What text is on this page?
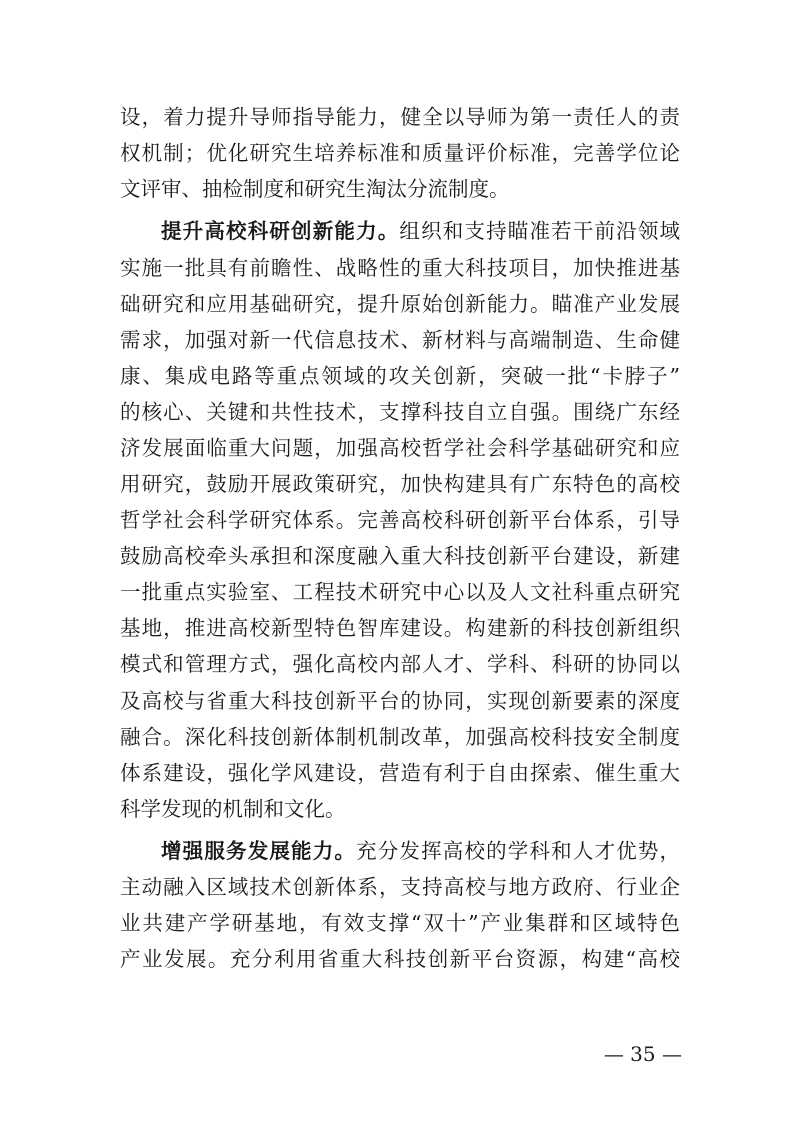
设，着力提升导师指导能力，健全以导师为第一责任人的责
权机制；优化研究生培养标准和质量评价标准，完善学位论
文评审、抽检制度和研究生淘汰分流制度。
提升高校科研创新能力。组织和支持瞄准若干前沿领域
实施一批具有前瞻性、战略性的重大科技项目，加快推进基
础研究和应用基础研究，提升原始创新能力。瞄准产业发展
需求，加强对新一代信息技术、新材料与高端制造、生命健
康、集成电路等重点领域的攻关创新，突破一批“卡脖子”
的核心、关键和共性技术，支撑科技自立自强。围绕广东经
济发展面临重大问题，加强高校哲学社会科学基础研究和应
用研究，鼓励开展政策研究，加快构建具有广东特色的高校
哲学社会科学研究体系。完善高校科研创新平台体系，引导
鼓励高校牵头承担和深度融入重大科技创新平台建设，新建
一批重点实验室、工程技术研究中心以及人文社科重点研究
基地，推进高校新型特色智库建设。构建新的科技创新组织
模式和管理方式，强化高校内部人才、学科、科研的协同以
及高校与省重大科技创新平台的协同，实现创新要素的深度
融合。深化科技创新体制机制改革，加强高校科技安全制度
体系建设，强化学风建设，营造有利于自由探索、催生重大
科学发现的机制和文化。
增强服务发展能力。充分发挥高校的学科和人才优势，
主动融入区域技术创新体系，支持高校与地方政府、行业企
业共建产学研基地，有效支撑“双十”产业集群和区域特色
产业发展。充分利用省重大科技创新平台资源，构建“高校
— 35 —
